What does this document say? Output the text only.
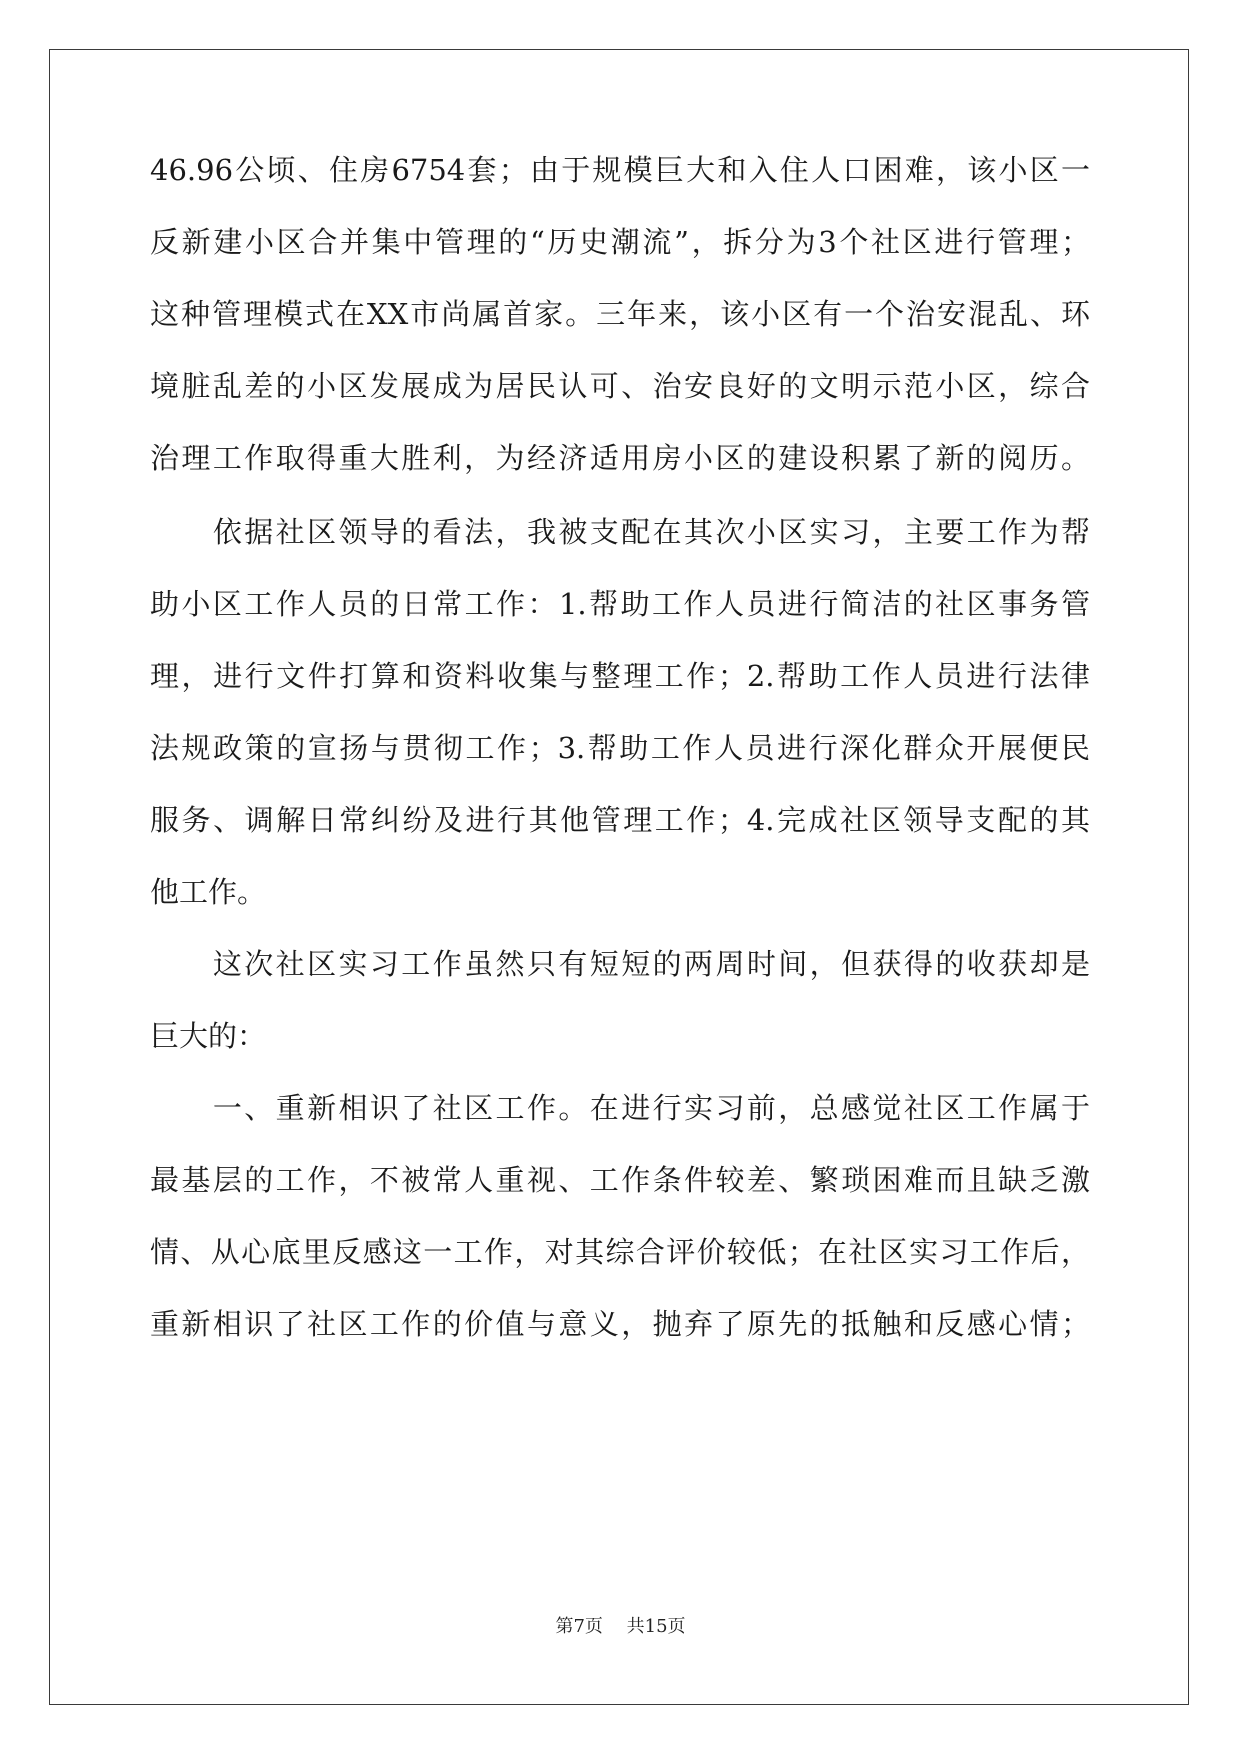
46.96公顷、住房6754套；由于规模巨大和入住人口困难，该小区一
反新建小区合并集中管理的“历史潮流”，拆分为3个社区进行管理；
这种管理模式在XX市尚属首家。三年来，该小区有一个治安混乱、环
境脏乱差的小区发展成为居民认可、治安良好的文明示范小区，综合
治理工作取得重大胜利，为经济适用房小区的建设积累了新的阅历。
　　依据社区领导的看法，我被支配在其次小区实习，主要工作为帮
助小区工作人员的日常工作：1.帮助工作人员进行简洁的社区事务管
理，进行文件打算和资料收集与整理工作；2.帮助工作人员进行法律
法规政策的宣扬与贯彻工作；3.帮助工作人员进行深化群众开展便民
服务、调解日常纠纷及进行其他管理工作；4.完成社区领导支配的其
他工作。
　　这次社区实习工作虽然只有短短的两周时间，但获得的收获却是
巨大的：
　　一、重新相识了社区工作。在进行实习前，总感觉社区工作属于
最基层的工作，不被常人重视、工作条件较差、繁琐困难而且缺乏激
情、从心底里反感这一工作，对其综合评价较低；在社区实习工作后，
重新相识了社区工作的价值与意义，抛弃了原先的抵触和反感心情；
第7页　 共15页
